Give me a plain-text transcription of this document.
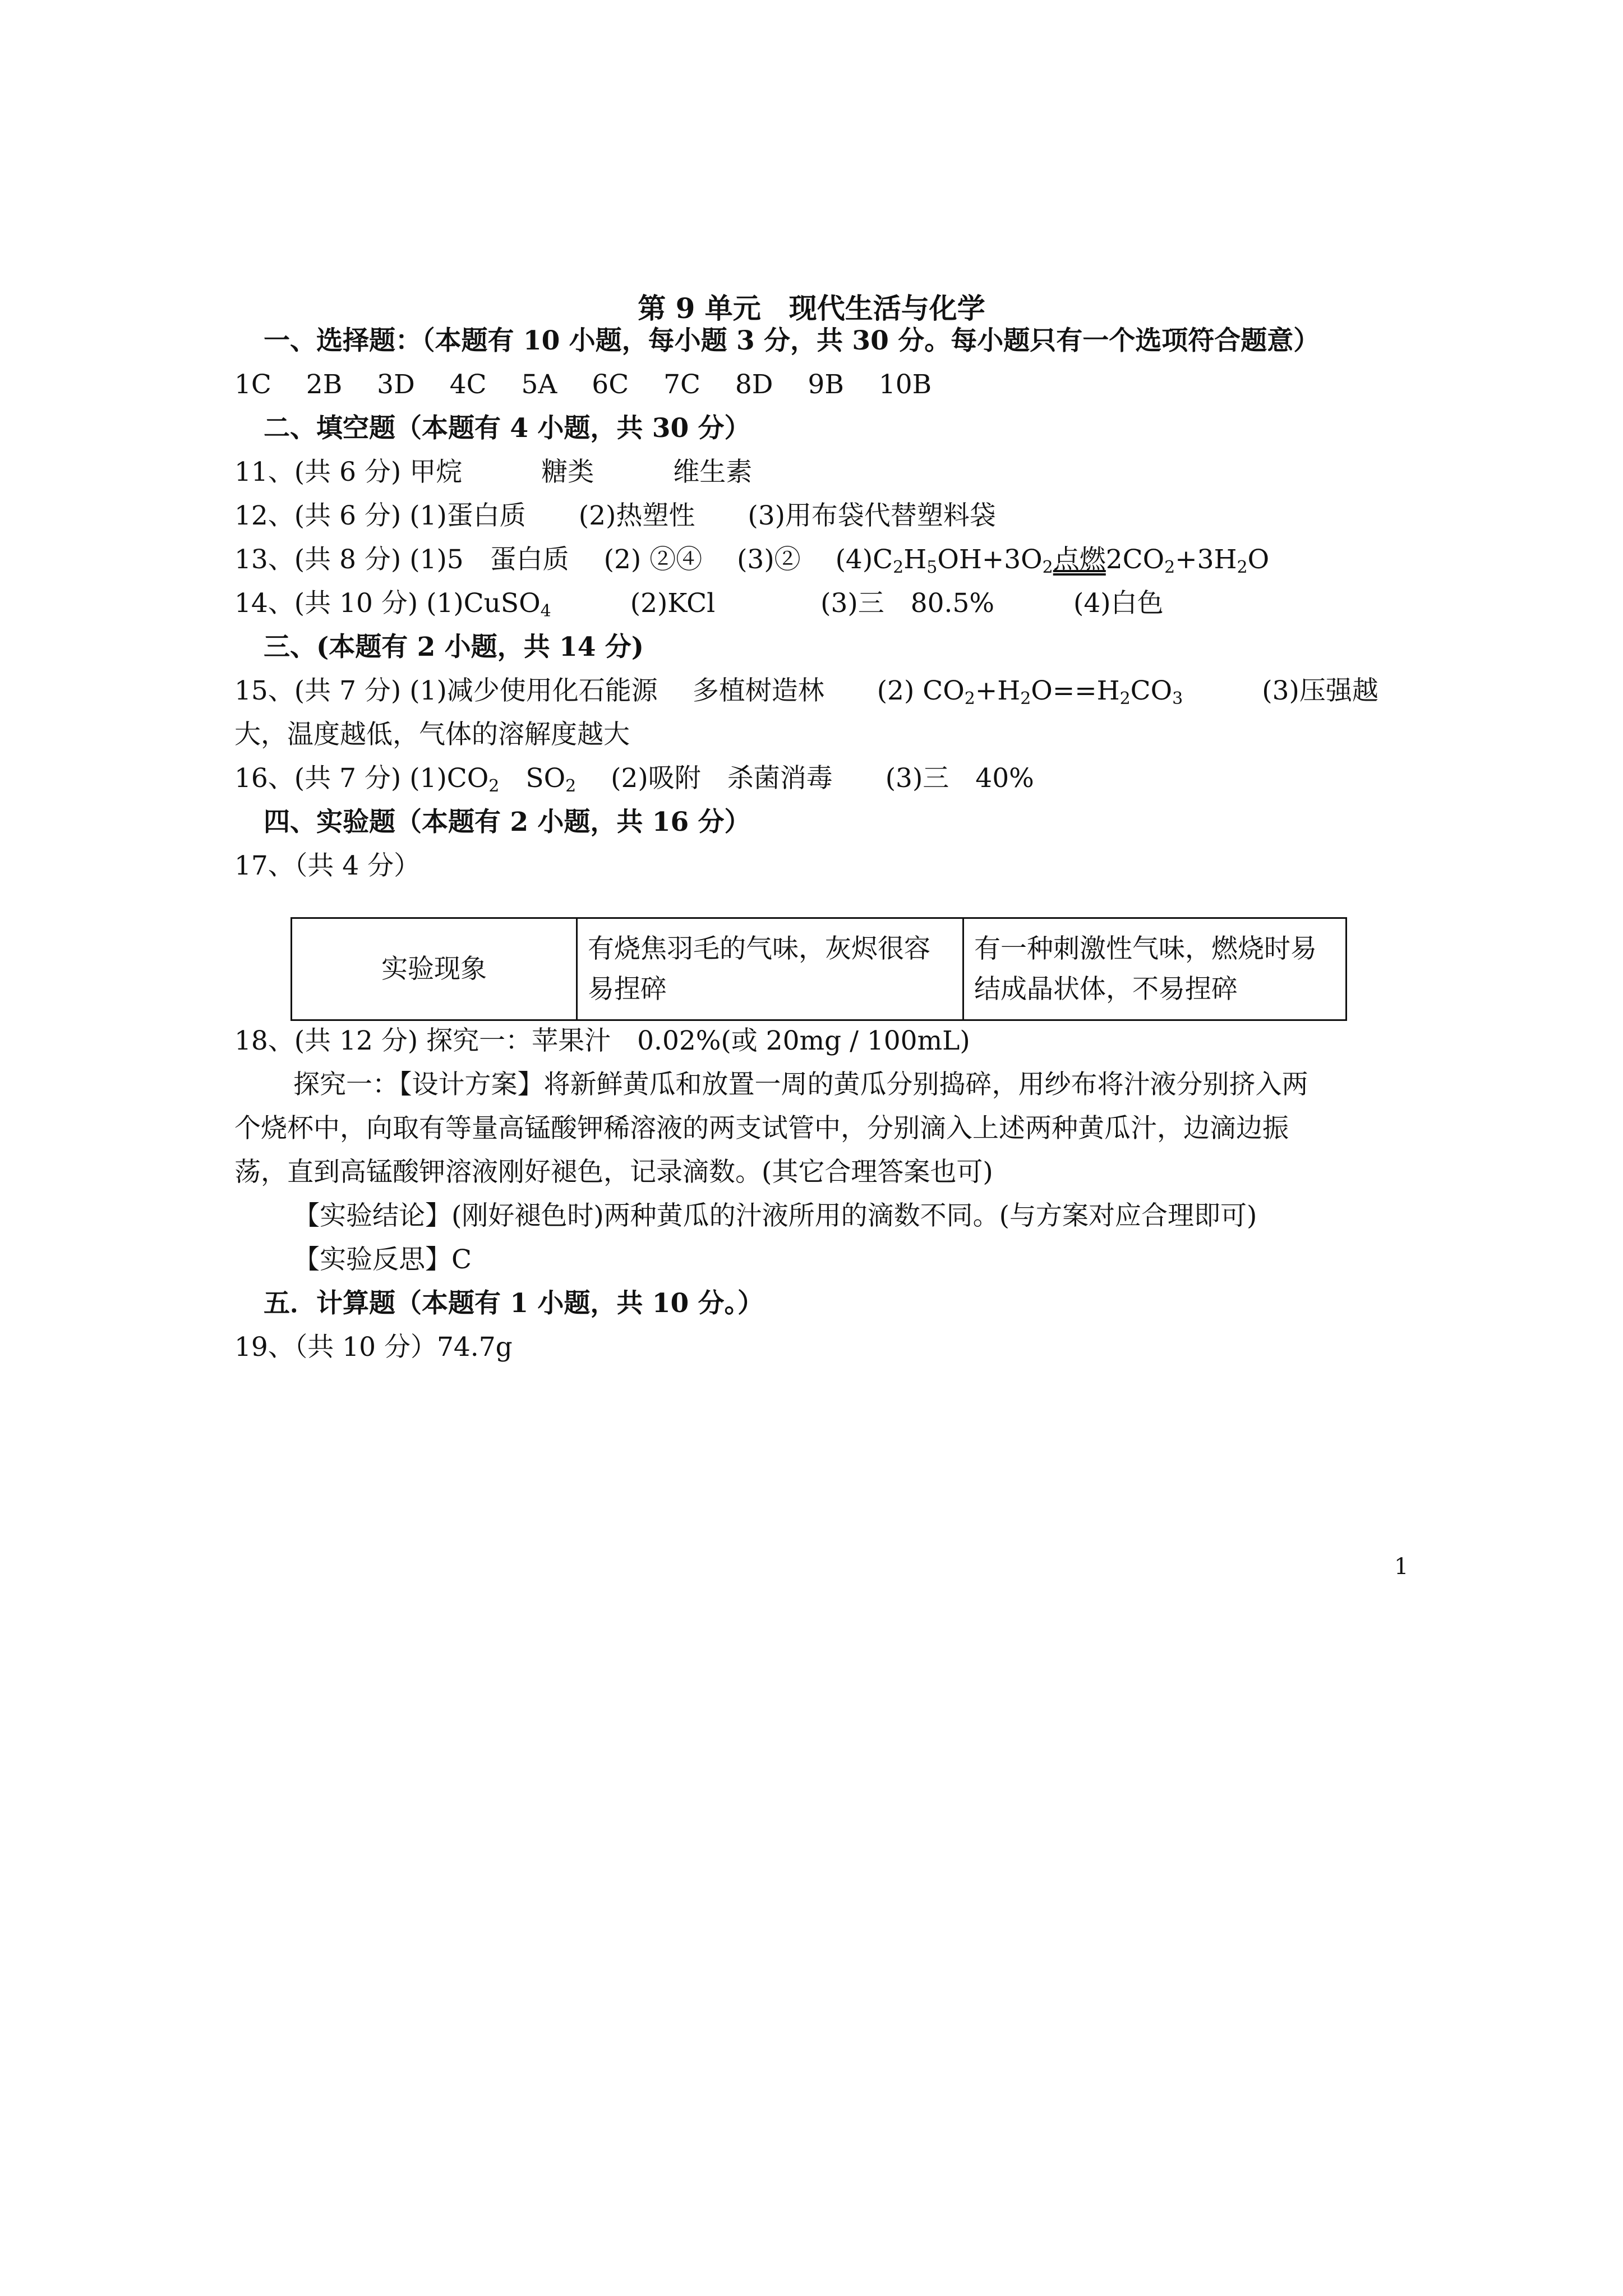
第 9 单元　现代生活与化学

一、选择题：（本题有 10 小题，每小题 3 分，共 30 分。每小题只有一个选项符合题意）

1C　 2B　 3D　 4C　 5A　 6C　 7C　 8D　 9B　 10B

二、填空题（本题有 4 小题，共 30 分）

11、(共 6 分) 甲烷　　　糖类　　　维生素

12、(共 6 分) (1)蛋白质　　(2)热塑性　　(3)用布袋代替塑料袋

13、(共 8 分) (1)5　蛋白质　 (2) ②④　 (3)②　 $(4)C_2H_5OH+3O_2$点燃$2CO_2+3H_2O$

14、(共 10 分) (1)CuSO$_4$　　　(2)KCl　　　　(3)三　80.5%　　　(4)白色

三、(本题有 2 小题，共 14 分)

15、(共 7 分) (1)减少使用化石能源　 多植树造林　　(2) $CO_2+H_2O==H_2CO_3$　　　(3)压强越

大，温度越低，气体的溶解度越大

16、(共 7 分) $(1)CO_2$　$SO_2$　 (2)吸附　杀菌消毒　　(3)三　40%

四、实验题（本题有 2 小题，共 16 分）

17、（共 4 分）

实验现象	有烧焦羽毛的气味，灰烬很容易捏碎	有一种刺激性气味，燃烧时易结成晶状体，不易捏碎

18、(共 12 分) 探究一：苹果汁　0.02%(或 20mg / 100mL)

探究一：【设计方案】将新鲜黄瓜和放置一周的黄瓜分别捣碎，用纱布将汁液分别挤入两

个烧杯中，向取有等量高锰酸钾稀溶液的两支试管中，分别滴入上述两种黄瓜汁，边滴边振

荡，直到高锰酸钾溶液刚好褪色，记录滴数。(其它合理答案也可)

【实验结论】(刚好褪色时)两种黄瓜的汁液所用的滴数不同。(与方案对应合理即可)

【实验反思】C

五．计算题（本题有 1 小题，共 10 分。）

19、（共 10 分）74.7g

1
